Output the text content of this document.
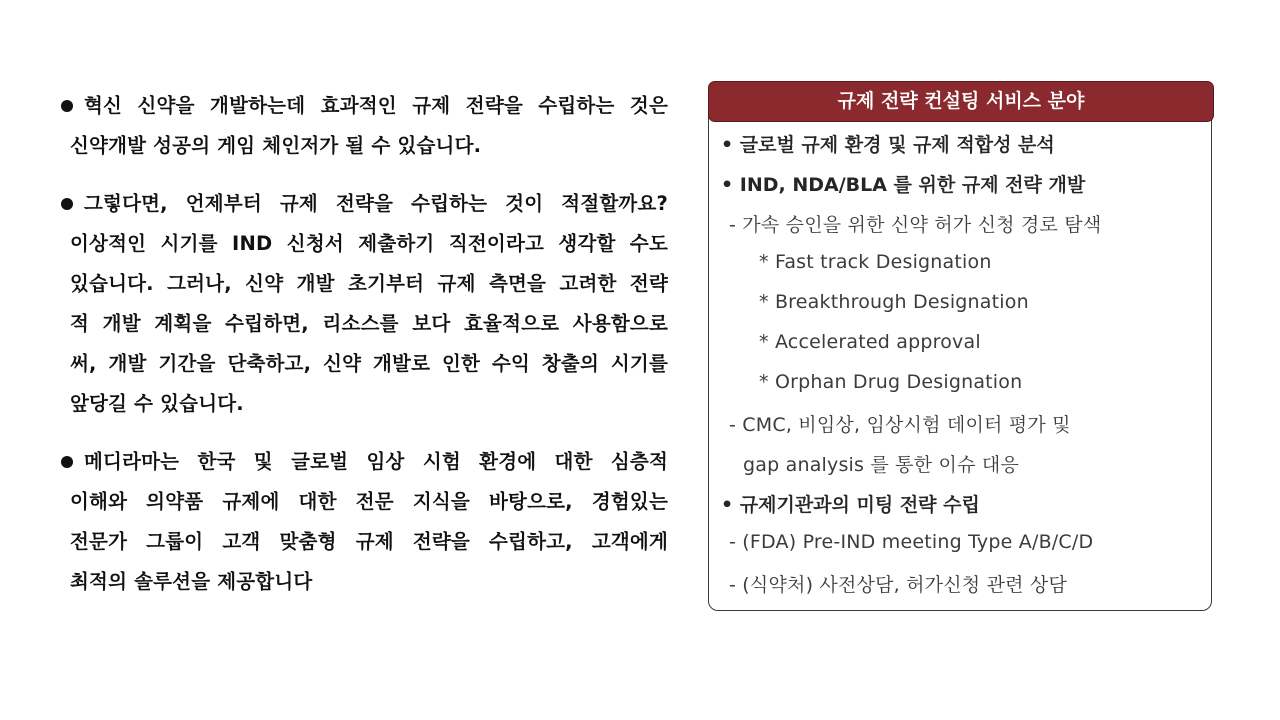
혁신 신약을 개발하는데 효과적인 규제 전략을 수립하는 것은
신약개발 성공의 게임 체인저가 될 수 있습니다.
그렇다면, 언제부터 규제 전략을 수립하는 것이 적절할까요?
이상적인 시기를 IND 신청서 제출하기 직전이라고 생각할 수도
있습니다. 그러나, 신약 개발 초기부터 규제 측면을 고려한 전략
적 개발 계획을 수립하면, 리소스를 보다 효율적으로 사용함으로
써, 개발 기간을 단축하고, 신약 개발로 인한 수익 창출의 시기를
앞당길 수 있습니다.
메디라마는 한국 및 글로벌 임상 시험 환경에 대한 심층적
이해와 의약품 규제에 대한 전문 지식을 바탕으로, 경험있는
전문가 그룹이 고객 맞춤형 규제 전략을 수립하고, 고객에게
최적의 솔루션을 제공합니다
규제 전략 컨설팅 서비스 분야
• 글로벌 규제 환경 및 규제 적합성 분석
• IND, NDA/BLA 를 위한 규제 전략 개발
- 가속 승인을 위한 신약 허가 신청 경로 탐색
* Fast track Designation
* Breakthrough Designation
* Accelerated approval
* Orphan Drug Designation
- CMC, 비임상, 임상시험 데이터 평가 및
gap analysis 를 통한 이슈 대응
• 규제기관과의 미팅 전략 수립
- (FDA) Pre-IND meeting Type A/B/C/D
- (식약처) 사전상담, 허가신청 관련 상담
